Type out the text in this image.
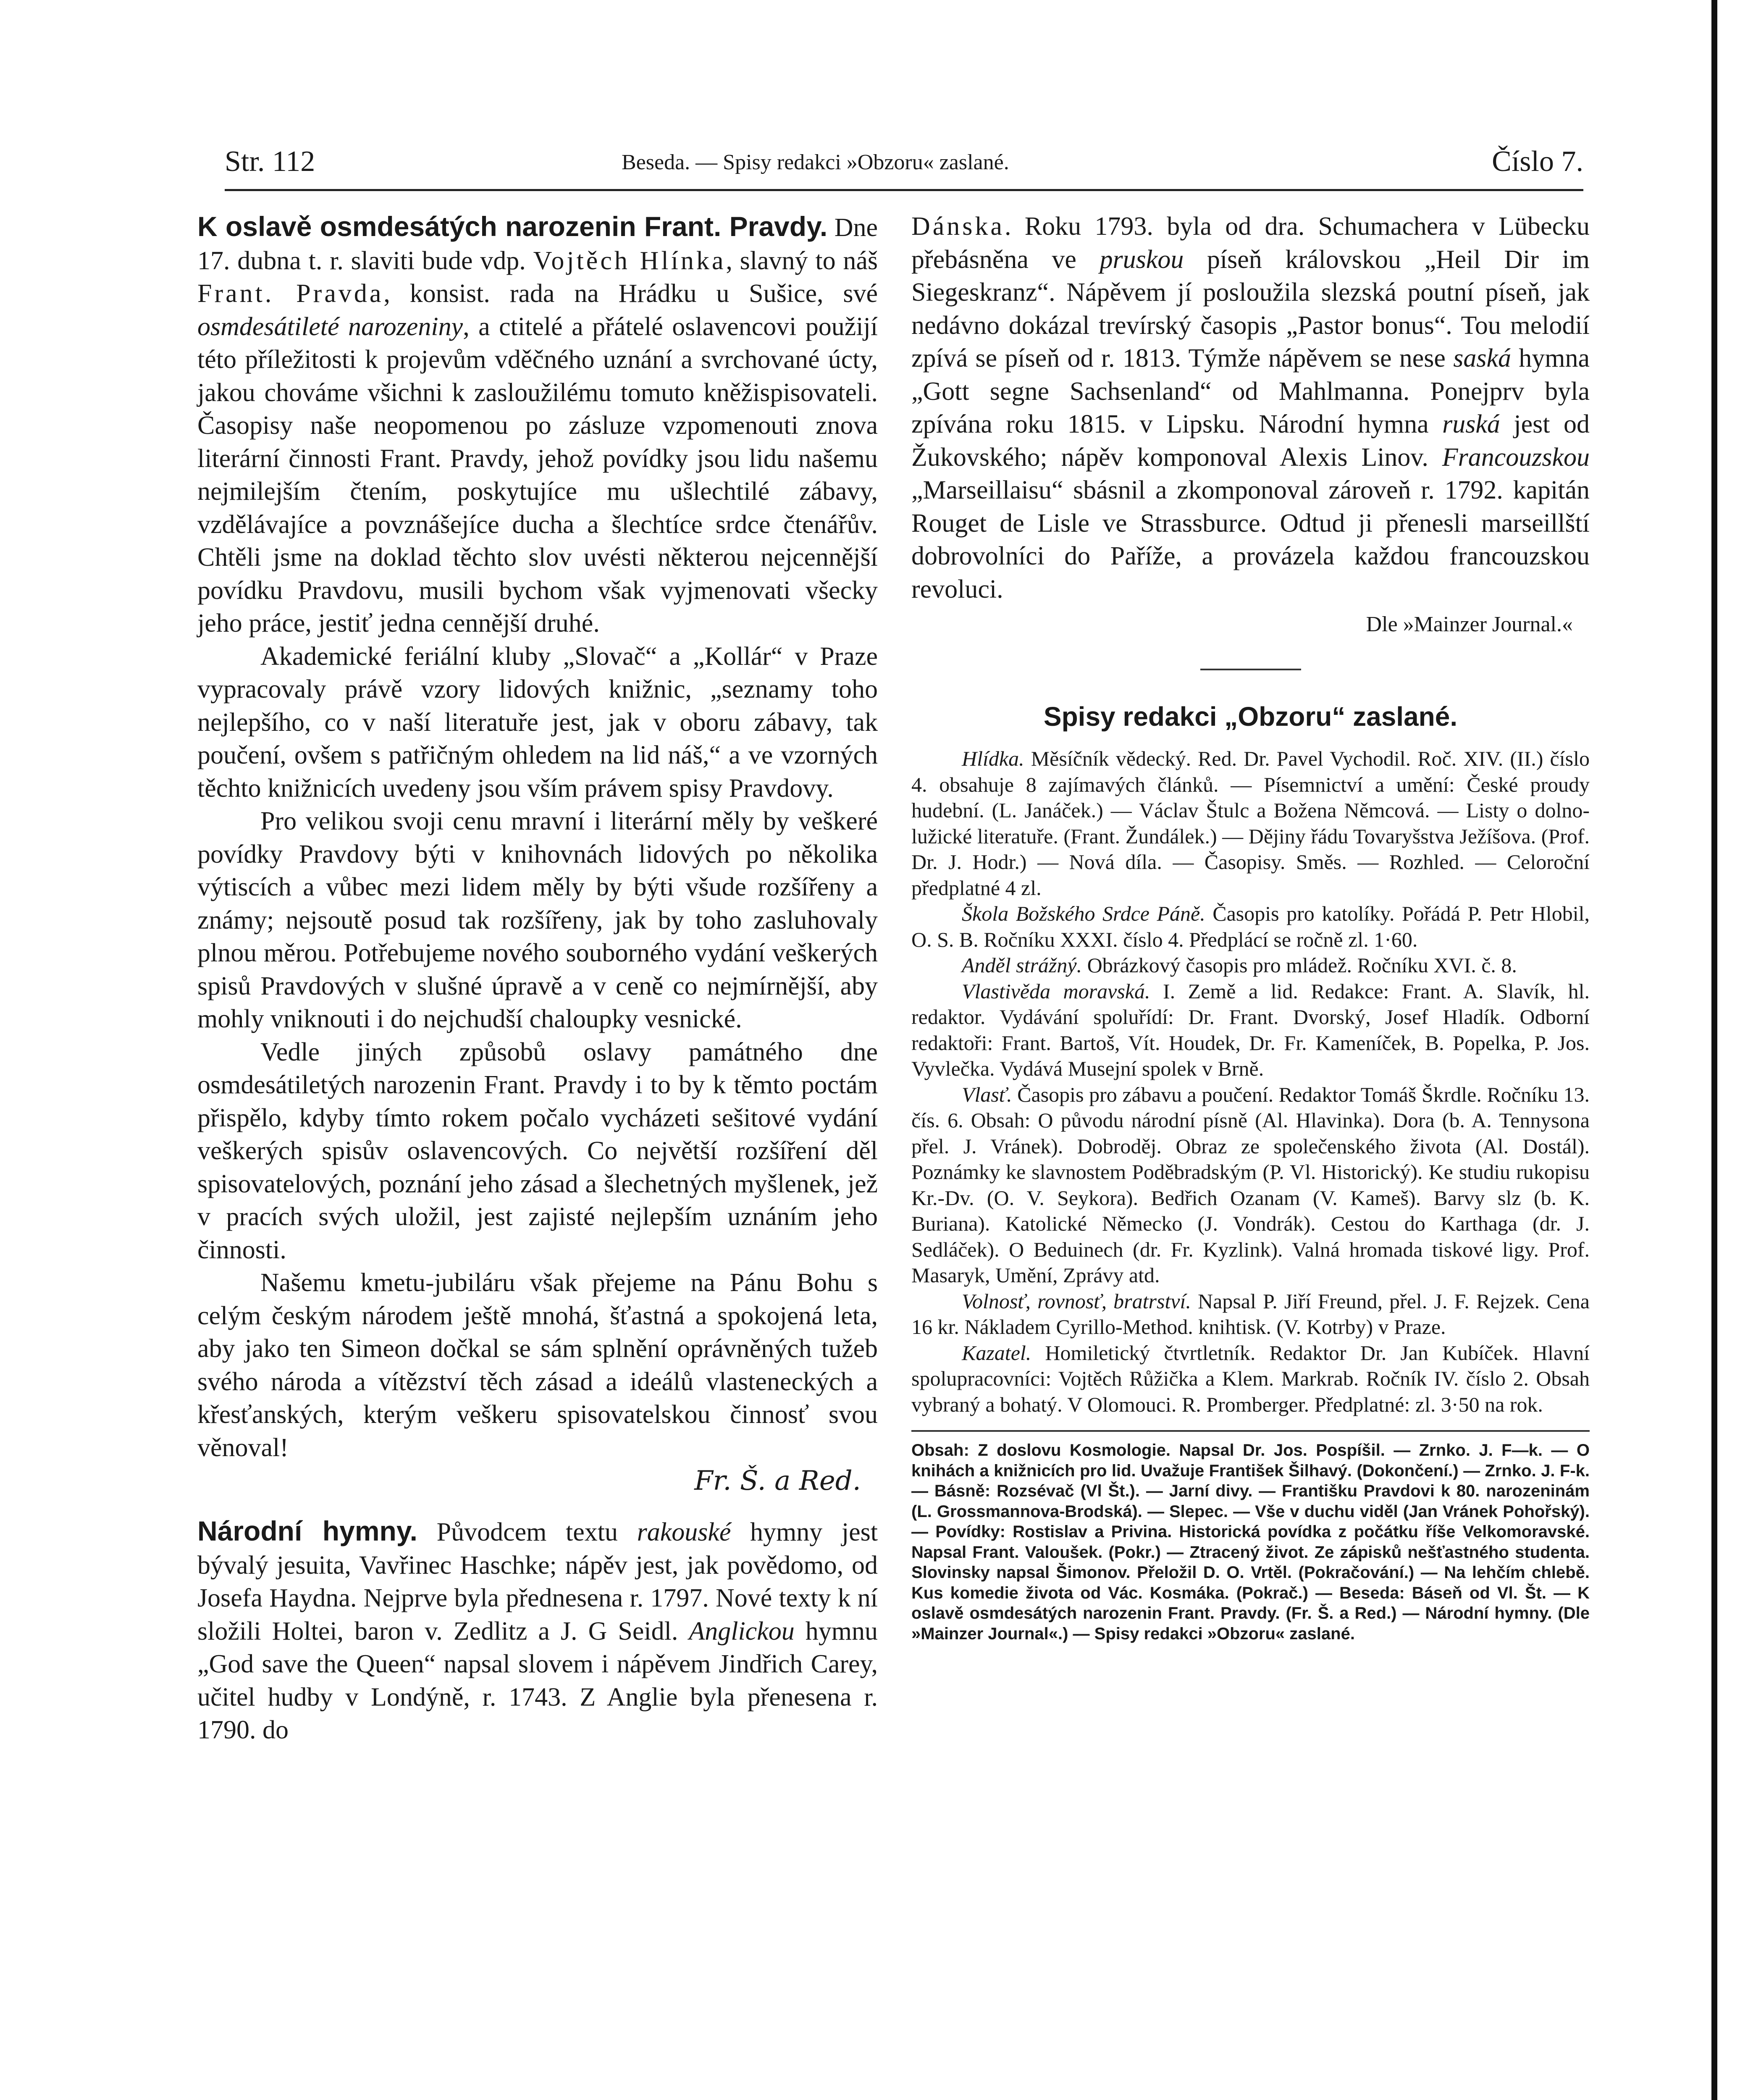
Str. 112	Beseda. — Spisy redakci »Obzoru« zaslané.	Číslo 7.

K oslavě osmdesátých narozenin Frant. Pravdy. Dne 17. dubna t. r. slaviti bude vdp. Vojtěch Hlínka, slavný to náš Frant. Pravda, konsist. rada na Hrádku u Sušice, své osmdesátileté narozeniny, a ctitelé a přátelé oslavencovi použijí této příležitosti k projevům vděčného uznání a svrchované úcty, jakou chováme všichni k zasloužilému tomuto kněžispisovateli. Časopisy naše neopomenou po zásluze vzpomenouti znova literární činnosti Frant. Pravdy, jehož povídky jsou lidu našemu nejmilejším čtením, poskytujíce mu ušlechtilé zábavy, vzdělávajíce a povznášejíce ducha a šlechtíce srdce čtenářův. Chtěli jsme na doklad těchto slov uvésti některou nejcennější povídku Pravdovu, musili bychom však vyjmenovati všecky jeho práce, jestiť jedna cennější druhé.

Akademické feriální kluby „Slovač“ a „Kollár“ v Praze vypracovaly právě vzory lidových knižnic, „seznamy toho nejlepšího, co v naší literatuře jest, jak v oboru zábavy, tak poučení, ovšem s patřičným ohledem na lid náš,“ a ve vzorných těchto knižnicích uvedeny jsou vším právem spisy Pravdovy.

Pro velikou svoji cenu mravní i literární měly by veškeré povídky Pravdovy býti v knihovnách lidových po několika výtiscích a vůbec mezi lidem měly by býti všude rozšířeny a známy; nejsoutě posud tak rozšířeny, jak by toho zasluhovaly plnou měrou. Potřebujeme nového souborného vydání veškerých spisů Pravdových v slušné úpravě a v ceně co nejmírnější, aby mohly vniknouti i do nejchudší chaloupky vesnické.

Vedle jiných způsobů oslavy památného dne osmdesátiletých narozenin Frant. Pravdy i to by k těmto poctám přispělo, kdyby tímto rokem počalo vycházeti sešitové vydání veškerých spisův oslavencových. Co největší rozšíření děl spisovatelových, poznání jeho zásad a šlechetných myšlenek, jež v pracích svých uložil, jest zajisté nejlepším uznáním jeho činnosti.

Našemu kmetu-jubiláru však přejeme na Pánu Bohu s celým českým národem ještě mnohá, šťastná a spokojená leta, aby jako ten Simeon dočkal se sám splnění oprávněných tužeb svého národa a vítězství těch zásad a ideálů vlasteneckých a křesťanských, kterým veškeru spisovatelskou činnosť svou věnoval!

Fr. Š. a Red.

Národní hymny. Původcem textu rakouské hymny jest bývalý jesuita, Vavřinec Haschke; nápěv jest, jak povědomo, od Josefa Haydna. Nejprve byla přednesena r. 1797. Nové texty k ní složili Holtei, baron v. Zedlitz a J. G Seidl. Anglickou hymnu „God save the Queen“ napsal slovem i nápěvem Jindřich Carey, učitel hudby v Londýně, r. 1743. Z Anglie byla přenesena r. 1790. do

Dánska. Roku 1793. byla od dra. Schumachera v Lübecku přebásněna ve pruskou píseň královskou „Heil Dir im Siegeskranz“. Nápěvem jí posloužila slezská poutní píseň, jak nedávno dokázal trevírský časopis „Pastor bonus“. Tou melodií zpívá se píseň od r. 1813. Týmže nápěvem se nese saská hymna „Gott segne Sachsenland“ od Mahlmanna. Ponejprv byla zpívána roku 1815. v Lipsku. Národní hymna ruská jest od Žukovského; nápěv komponoval Alexis Linov. Francouzskou „Marseillaisu“ sbásnil a zkomponoval zároveň r. 1792. kapitán Rouget de Lisle ve Strassburce. Odtud ji přenesli marseillští dobrovolníci do Paříže, a provázela každou francouzskou revoluci.

Dle »Mainzer Journal.«

Spisy redakci „Obzoru“ zaslané.

Hlídka. Měsíčník vědecký. Red. Dr. Pavel Vychodil. Roč. XIV. (II.) číslo 4. obsahuje 8 zajímavých článků. — Písemnictví a umění: České proudy hudební. (L. Janáček.) — Václav Štulc a Božena Němcová. — Listy o dolno-lužické literatuře. (Frant. Žundálek.) — Dějiny řádu Tovaryšstva Ježíšova. (Prof. Dr. J. Hodr.) — Nová díla. — Časopisy. Směs. — Rozhled. — Celoroční předplatné 4 zl.

Škola Božského Srdce Páně. Časopis pro katolíky. Pořádá P. Petr Hlobil, O. S. B. Ročníku XXXI. číslo 4. Předplácí se ročně zl. 1·60.

Anděl strážný. Obrázkový časopis pro mládež. Ročníku XVI. č. 8.

Vlastivěda moravská. I. Země a lid. Redakce: Frant. A. Slavík, hl. redaktor. Vydávání spoluřídí: Dr. Frant. Dvorský, Josef Hladík. Odborní redaktoři: Frant. Bartoš, Vít. Houdek, Dr. Fr. Kameníček, B. Popelka, P. Jos. Vyvlečka. Vydává Musejní spolek v Brně.

Vlasť. Časopis pro zábavu a poučení. Redaktor Tomáš Škrdle. Ročníku 13. čís. 6. Obsah: O původu národní písně (Al. Hlavinka). Dora (b. A. Tennysona přel. J. Vránek). Dobroděj. Obraz ze společenského života (Al. Dostál). Poznámky ke slavnostem Poděbradským (P. Vl. Historický). Ke studiu rukopisu Kr.-Dv. (O. V. Seykora). Bedřich Ozanam (V. Kameš). Barvy slz (b. K. Buriana). Katolické Německo (J. Vondrák). Cestou do Karthaga (dr. J. Sedláček). O Beduinech (dr. Fr. Kyzlink). Valná hromada tiskové ligy. Prof. Masaryk, Umění, Zprávy atd.

Volnosť, rovnosť, bratrství. Napsal P. Jiří Freund, přel. J. F. Rejzek. Cena 16 kr. Nákladem Cyrillo-Method. knihtisk. (V. Kotrby) v Praze.

Kazatel. Homiletický čtvrtletník. Redaktor Dr. Jan Kubíček. Hlavní spolupracovníci: Vojtěch Růžička a Klem. Markrab. Ročník IV. číslo 2. Obsah vybraný a bohatý. V Olomouci. R. Promberger. Předplatné: zl. 3·50 na rok.

Obsah: Z doslovu Kosmologie. Napsal Dr. Jos. Pospíšil. — Zrnko. J. F—k. — O knihách a knižnicích pro lid. Uvažuje František Šilhavý. (Dokončení.) — Zrnko. J. F-k. — Básně: Rozsévač (Vl Št.). — Jarní divy. — Františku Pravdovi k 80. narozeninám (L. Grossmannova-Brodská). — Slepec. — Vše v duchu viděl (Jan Vránek Pohořský). — Povídky: Rostislav a Privina. Historická povídka z počátku říše Velkomoravské. Napsal Frant. Valoušek. (Pokr.) — Ztracený život. Ze zápisků nešťastného studenta. Slovinsky napsal Šimonov. Přeložil D. O. Vrtěl. (Pokračování.) — Na lehčím chlebě. Kus komedie života od Vác. Kosmáka. (Pokrač.) — Beseda: Báseň od Vl. Št. — K oslavě osmdesátých narozenin Frant. Pravdy. (Fr. Š. a Red.) — Národní hymny. (Dle »Mainzer Journal«.) — Spisy redakci »Obzoru« zaslané.
